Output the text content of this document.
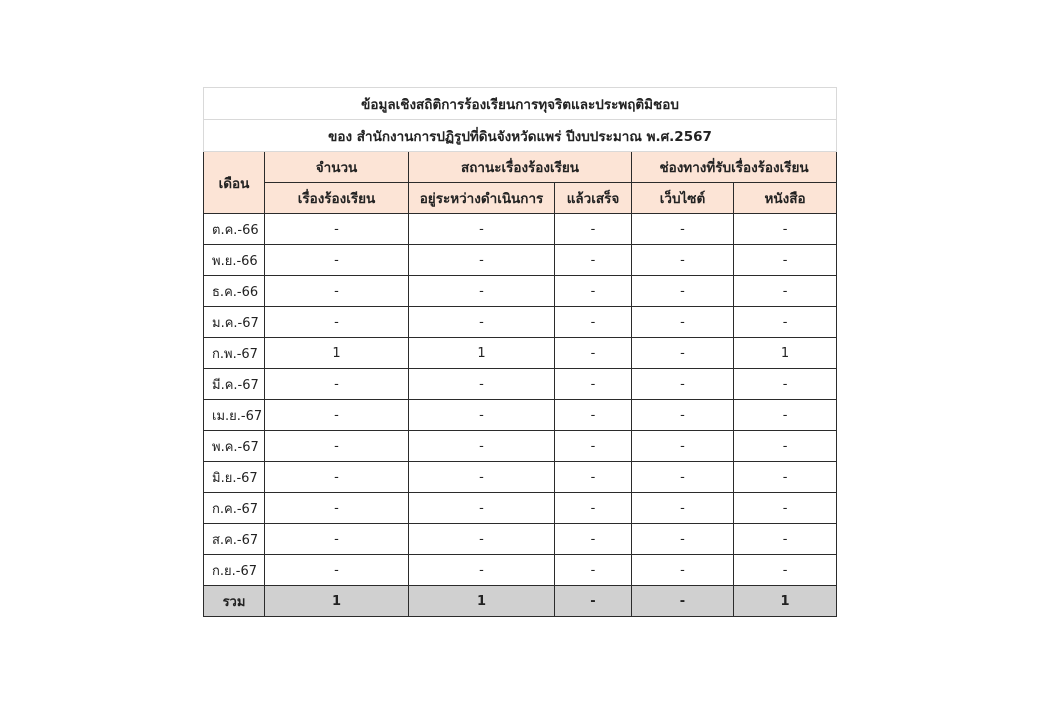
ข้อมูลเชิงสถิติการร้องเรียนการทุจริตและประพฤติมิชอบ					
ของ สำนักงานการปฏิรูปที่ดินจังหวัดแพร่ ปีงบประมาณ พ.ศ.2567					
เดือน	จำนวน	สถานะเรื่องร้องเรียน		ช่องทางที่รับเรื่องร้องเรียน	
	เรื่องร้องเรียน	อยู่ระหว่างดำเนินการ	แล้วเสร็จ	เว็บไซต์	หนังสือ
ต.ค.-66	-	-	-	-	-
พ.ย.-66	-	-	-	-	-
ธ.ค.-66	-	-	-	-	-
ม.ค.-67	-	-	-	-	-
ก.พ.-67	1	1	-	-	1
มี.ค.-67	-	-	-	-	-
เม.ย.-67	-	-	-	-	-
พ.ค.-67	-	-	-	-	-
มิ.ย.-67	-	-	-	-	-
ก.ค.-67	-	-	-	-	-
ส.ค.-67	-	-	-	-	-
ก.ย.-67	-	-	-	-	-
รวม	1	1	-	-	1
